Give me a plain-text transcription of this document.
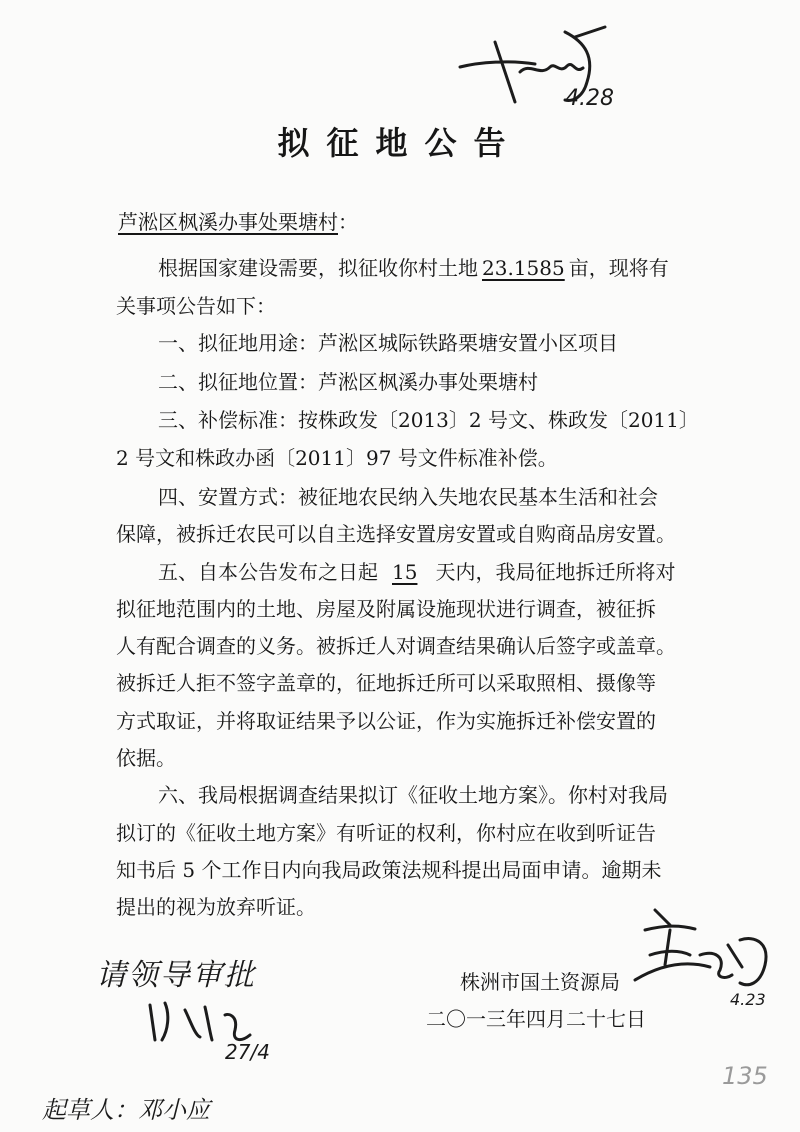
4.28
拟征地公告
芦淞区枫溪办事处栗塘村：
根据国家建设需要，拟征收你村土地 23.1585 亩，现将有
关事项公告如下：
一、拟征地用途：芦淞区城际铁路栗塘安置小区项目
二、拟征地位置：芦淞区枫溪办事处栗塘村
三、补偿标准：按株政发〔2013〕2 号文、株政发〔2011〕
2 号文和株政办函〔2011〕97 号文件标准补偿。
四、安置方式：被征地农民纳入失地农民基本生活和社会
保障，被拆迁农民可以自主选择安置房安置或自购商品房安置。
五、自本公告发布之日起 15 天内，我局征地拆迁所将对
拟征地范围内的土地、房屋及附属设施现状进行调查，被征拆
人有配合调查的义务。被拆迁人对调查结果确认后签字或盖章。
被拆迁人拒不签字盖章的，征地拆迁所可以采取照相、摄像等
方式取证，并将取证结果予以公证，作为实施拆迁补偿安置的
依据。
六、我局根据调查结果拟订《征收土地方案》。你村对我局
拟订的《征收土地方案》有听证的权利，你村应在收到听证告
知书后 5 个工作日内向我局政策法规科提出局面申请。逾期未
提出的视为放弃听证。
株洲市国土资源局
二〇一三年四月二十七日
4.23
请领导审批
27/4
起草人：邓小应
135
